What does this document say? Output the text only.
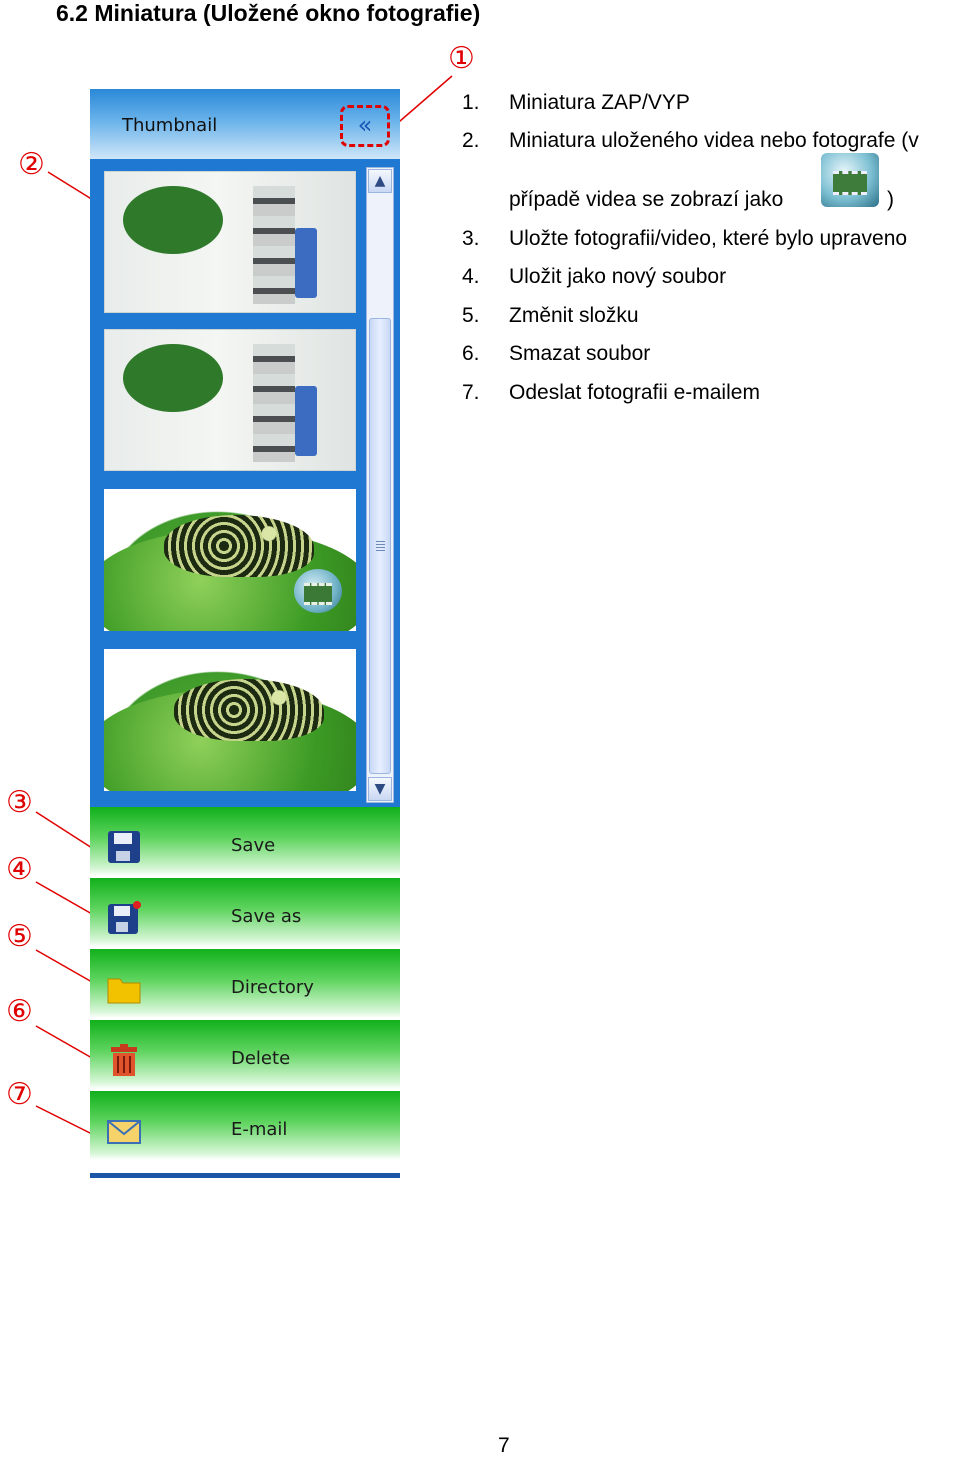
6.2 Miniatura (Uložené okno fotografie)
①
②
③
④
⑤
⑥
⑦
Thumbnail	«
▲
▼
Save
Save as
Directory
Delete
E-mail
1. Miniatura ZAP/VYP
2. Miniatura uloženého videa nebo fotografe (v
případě videa se zobrazí jako	)
3. Uložte fotografii/video, které bylo upraveno
4. Uložit jako nový soubor
5. Změnit složku
6. Smazat soubor
7. Odeslat fotografii e-mailem
7
